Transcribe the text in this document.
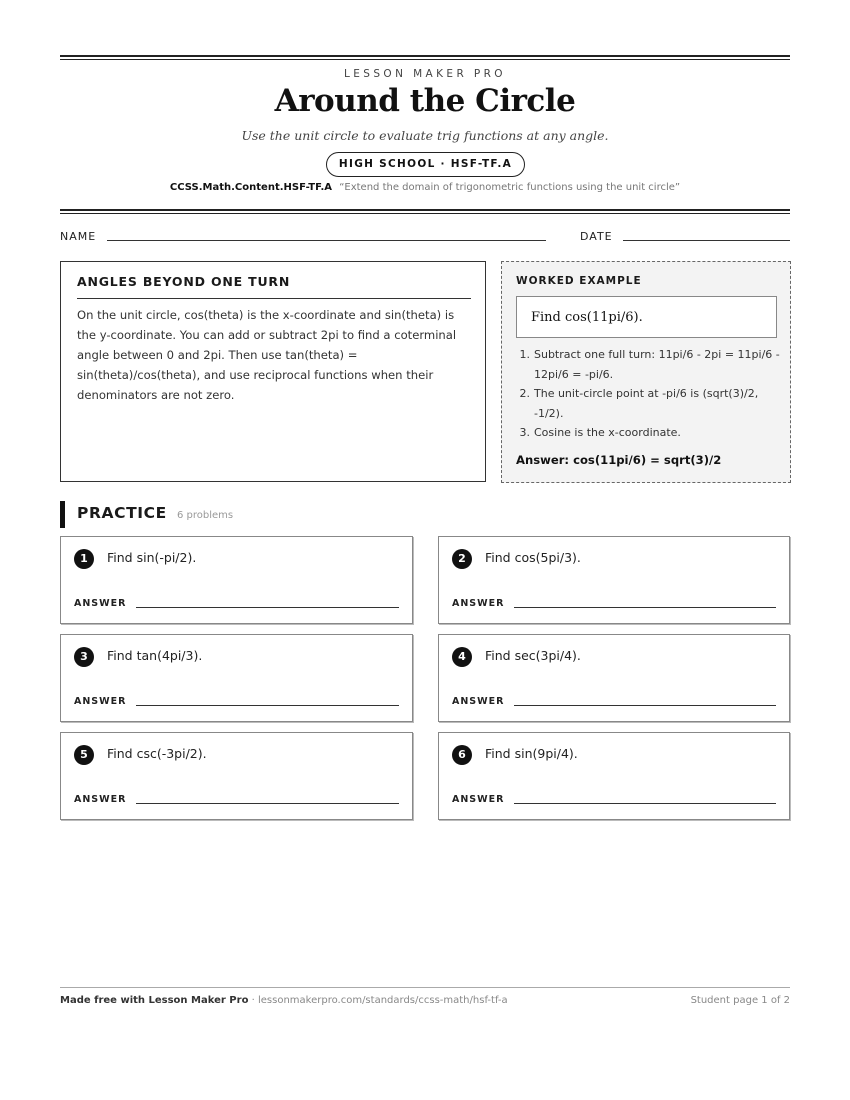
LESSON MAKER PRO
Around the Circle
Use the unit circle to evaluate trig functions at any angle.
HIGH SCHOOL · HSF-TF.A
CCSS.Math.Content.HSF-TF.A “Extend the domain of trigonometric functions using the unit circle”
NAME	DATE
ANGLES BEYOND ONE TURN
On the unit circle, cos(theta) is the x-coordinate and sin(theta) is the y-coordinate. You can add or subtract 2pi to find a coterminal angle between 0 and 2pi. Then use tan(theta) = sin(theta)/cos(theta), and use reciprocal functions when their denominators are not zero.
WORKED EXAMPLE
Find cos(11pi/6).
1. Subtract one full turn: 11pi/6 - 2pi = 11pi/6 - 12pi/6 = -pi/6.
2. The unit-circle point at -pi/6 is (sqrt(3)/2, -1/2).
3. Cosine is the x-coordinate.
Answer: cos(11pi/6) = sqrt(3)/2
PRACTICE 6 problems
1	Find sin(-pi/2).
ANSWER
2	Find cos(5pi/3).
ANSWER
3	Find tan(4pi/3).
ANSWER
4	Find sec(3pi/4).
ANSWER
5	Find csc(-3pi/2).
ANSWER
6	Find sin(9pi/4).
ANSWER
Made free with Lesson Maker Pro · lessonmakerpro.com/standards/ccss-math/hsf-tf-a	Student page 1 of 2
